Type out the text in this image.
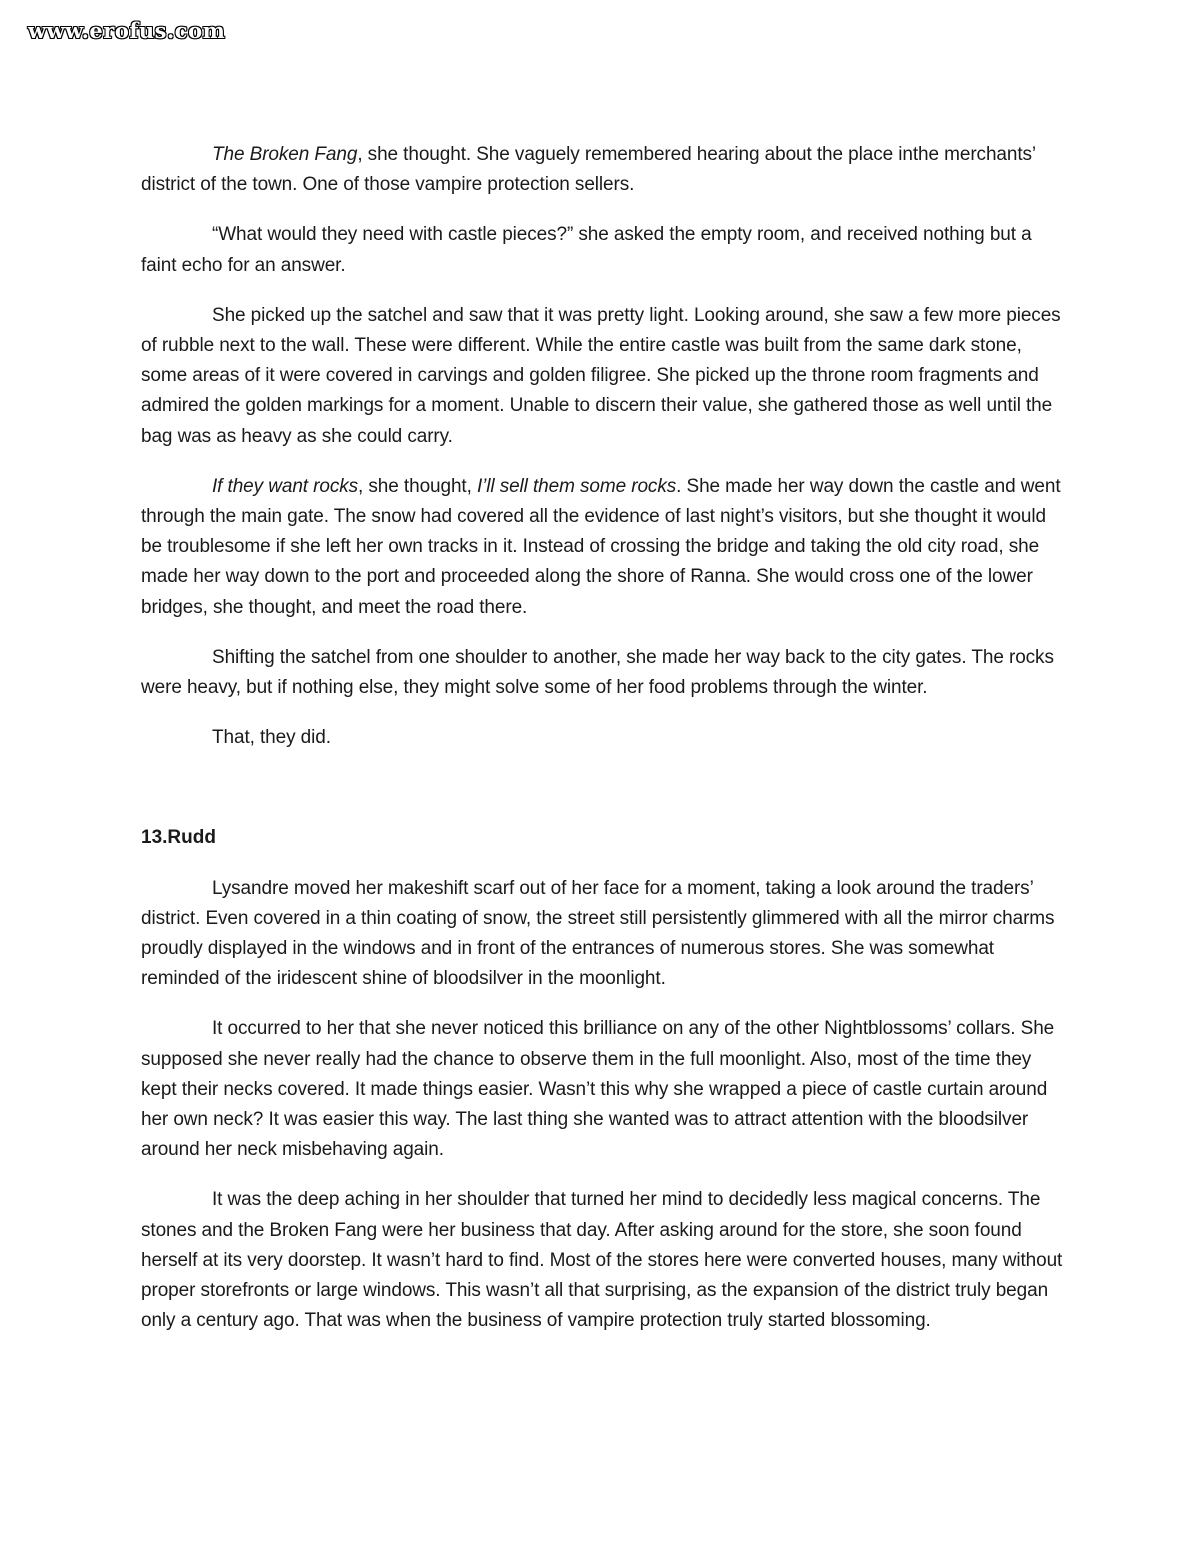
www.erofus.com

The Broken Fang, she thought. She vaguely remembered hearing about the place inthe merchants’ district of the town. One of those vampire protection sellers.

“What would they need with castle pieces?” she asked the empty room, and received nothing but a faint echo for an answer.

She picked up the satchel and saw that it was pretty light. Looking around, she saw a few more pieces of rubble next to the wall. These were different. While the entire castle was built from the same dark stone, some areas of it were covered in carvings and golden filigree. She picked up the throne room fragments and admired the golden markings for a moment. Unable to discern their value, she gathered those as well until the bag was as heavy as she could carry.

If they want rocks, she thought, I’ll sell them some rocks. She made her way down the castle and went through the main gate. The snow had covered all the evidence of last night’s visitors, but she thought it would be troublesome if she left her own tracks in it. Instead of crossing the bridge and taking the old city road, she made her way down to the port and proceeded along the shore of Ranna. She would cross one of the lower bridges, she thought, and meet the road there.

Shifting the satchel from one shoulder to another, she made her way back to the city gates. The rocks were heavy, but if nothing else, they might solve some of her food problems through the winter.

That, they did.

13.Rudd

Lysandre moved her makeshift scarf out of her face for a moment, taking a look around the traders’ district. Even covered in a thin coating of snow, the street still persistently glimmered with all the mirror charms proudly displayed in the windows and in front of the entrances of numerous stores. She was somewhat reminded of the iridescent shine of bloodsilver in the moonlight.

It occurred to her that she never noticed this brilliance on any of the other Nightblossoms’ collars. She supposed she never really had the chance to observe them in the full moonlight. Also, most of the time they kept their necks covered. It made things easier. Wasn’t this why she wrapped a piece of castle curtain around her own neck? It was easier this way. The last thing she wanted was to attract attention with the bloodsilver around her neck misbehaving again.

It was the deep aching in her shoulder that turned her mind to decidedly less magical concerns. The stones and the Broken Fang were her business that day. After asking around for the store, she soon found herself at its very doorstep. It wasn’t hard to find. Most of the stores here were converted houses, many without proper storefronts or large windows. This wasn’t all that surprising, as the expansion of the district truly began only a century ago. That was when the business of vampire protection truly started blossoming.
